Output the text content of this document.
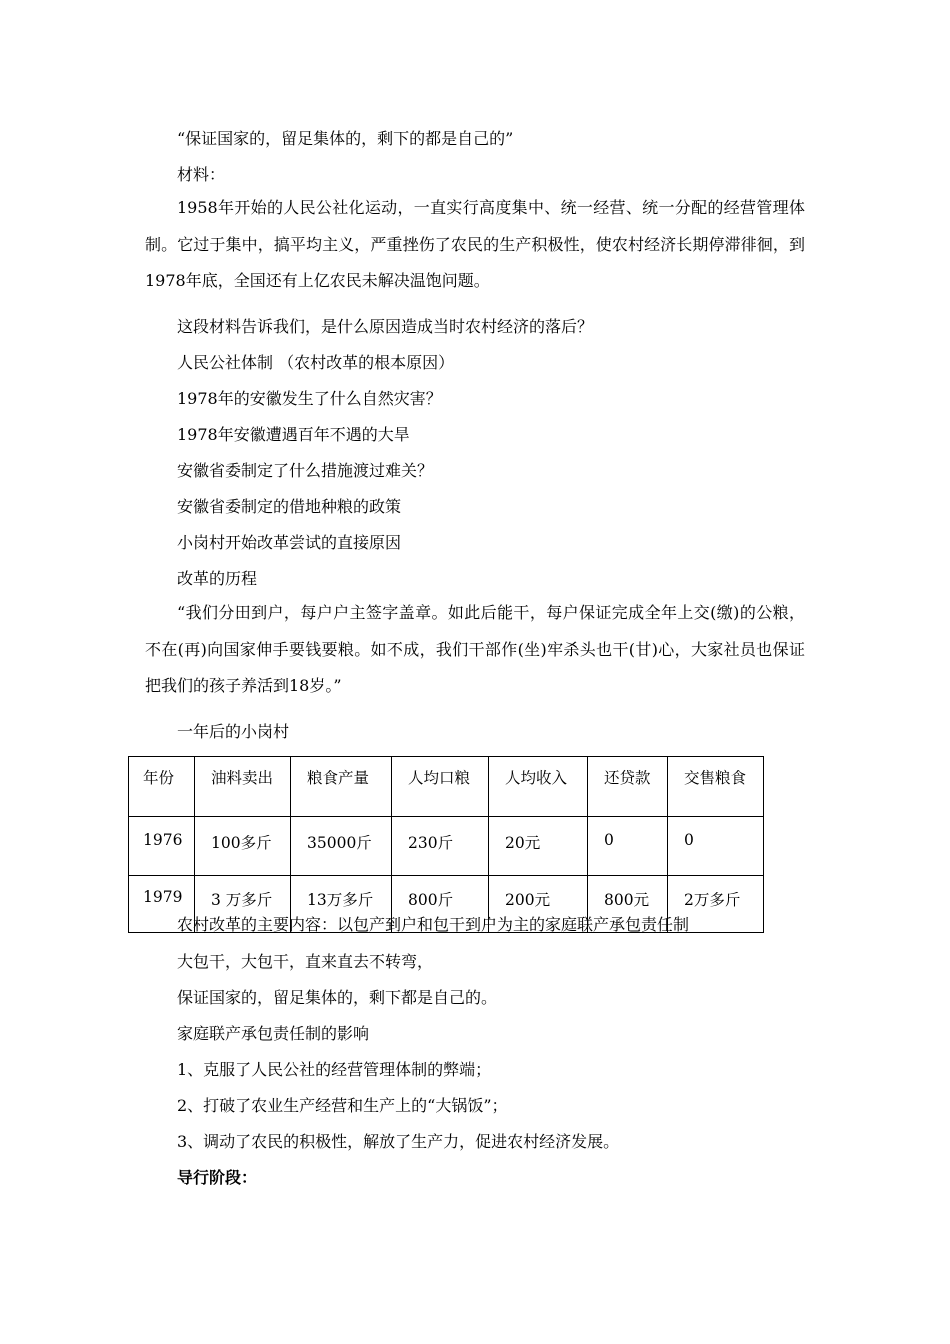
“保证国家的，留足集体的，剩下的都是自己的”
材料：
1958年开始的人民公社化运动，一直实行高度集中、统一经营、统一分配的经营管理体制。它过于集中，搞平均主义，严重挫伤了农民的生产积极性，使农村经济长期停滞徘徊，到1978年底，全国还有上亿农民未解决温饱问题。
这段材料告诉我们，是什么原因造成当时农村经济的落后？
人民公社体制 （农村改革的根本原因）
1978年的安徽发生了什么自然灾害？
1978年安徽遭遇百年不遇的大旱
安徽省委制定了什么措施渡过难关？
安徽省委制定的借地种粮的政策
小岗村开始改革尝试的直接原因
改革的历程
“我们分田到户，每户户主签字盖章。如此后能干，每户保证完成全年上交(缴)的公粮，不在(再)向国家伸手要钱要粮。如不成，我们干部作(坐)牢杀头也干(甘)心，大家社员也保证把我们的孩子养活到18岁。”
一年后的小岗村
年份	油料卖出	粮食产量	人均口粮	人均收入	还贷款	交售粮食
1976	100多斤	35000斤	230斤	20元	0	0
1979	3 万多斤	13万多斤	800斤	200元	800元	2万多斤
农村改革的主要内容：以包产到户和包干到户为主的家庭联产承包责任制
大包干，大包干，直来直去不转弯，
保证国家的，留足集体的，剩下都是自己的。
家庭联产承包责任制的影响
1、克服了人民公社的经营管理体制的弊端；
2、打破了农业生产经营和生产上的“大锅饭”；
3、调动了农民的积极性，解放了生产力，促进农村经济发展。
导行阶段：
